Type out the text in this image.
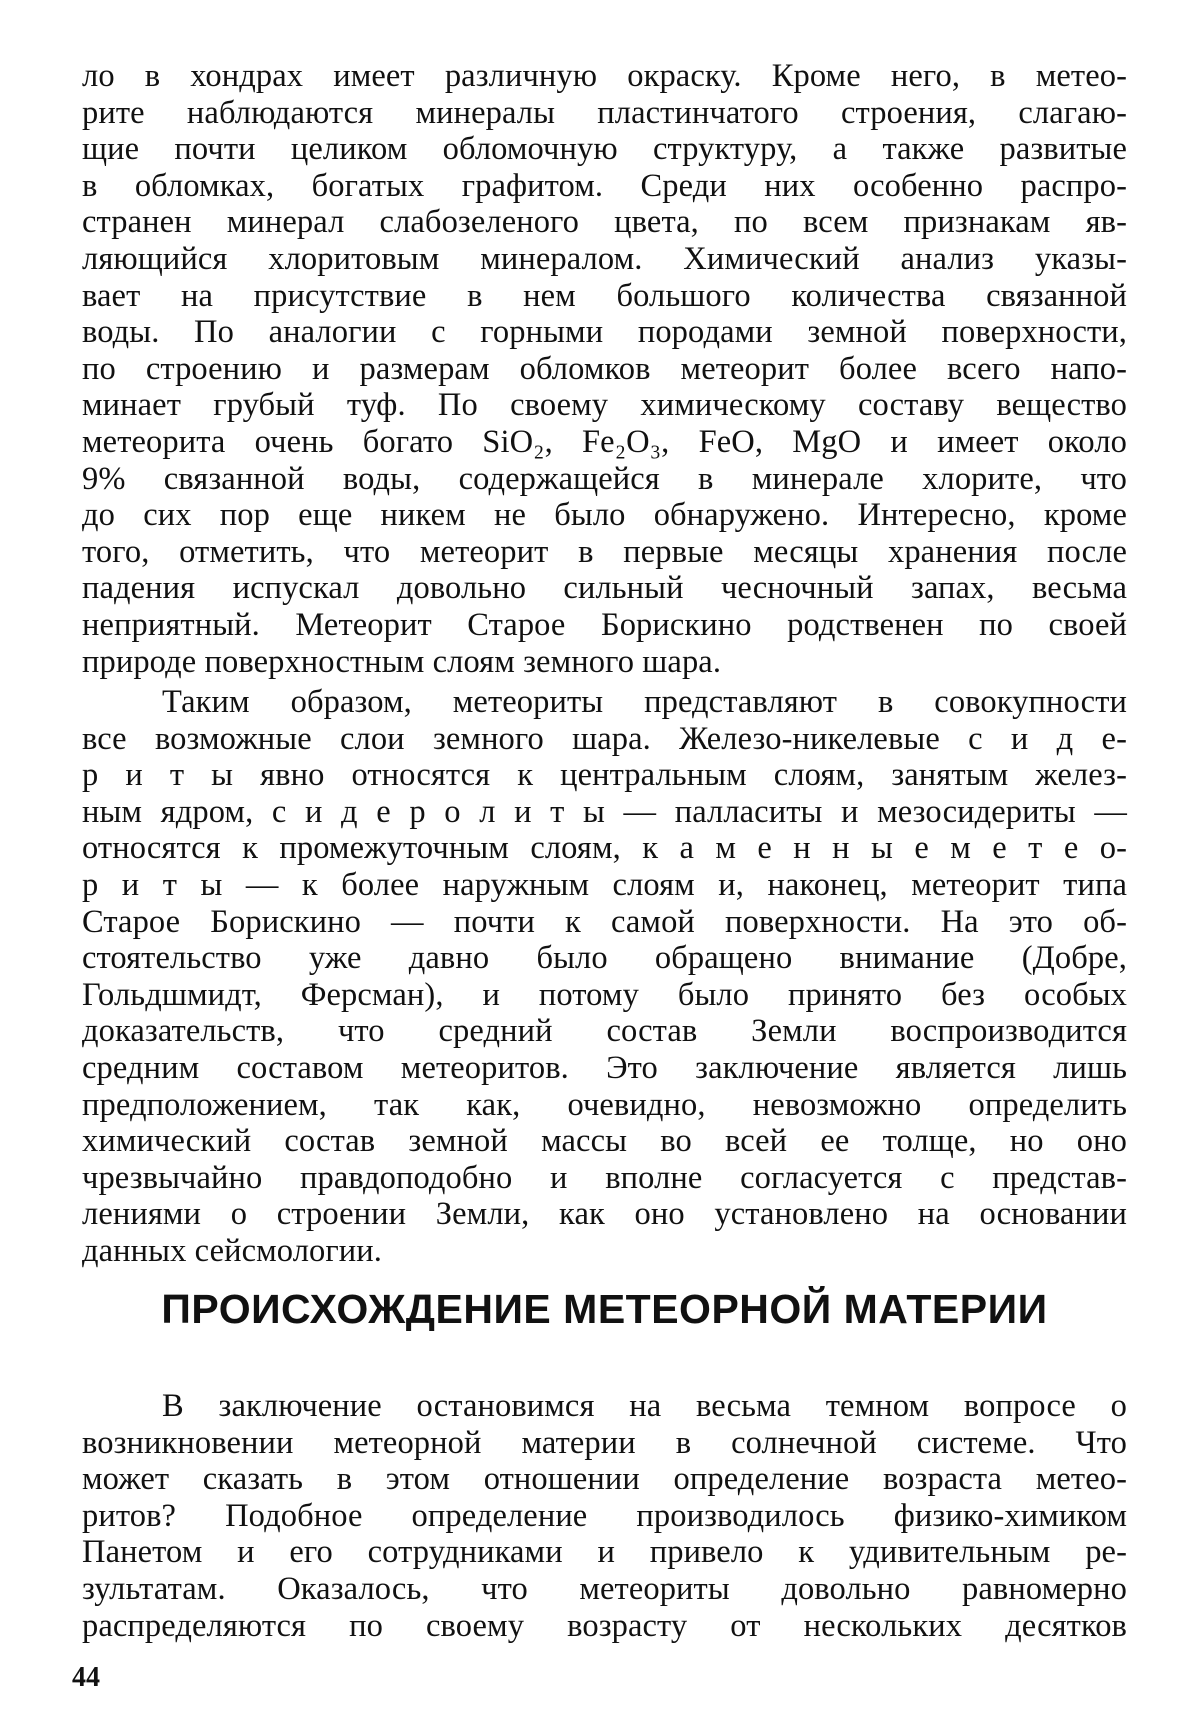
ло в хондрах имеет различную окраску. Кроме него, в метео-
рите наблюдаются минералы пластинчатого строения, слагаю-
щие почти целиком обломочную структуру, а также развитые
в обломках, богатых графитом. Среди них особенно распро-
странен минерал слабозеленого цвета, по всем признакам яв-
ляющийся хлоритовым минералом. Химический анализ указы-
вает на присутствие в нем большого количества связанной
воды. По аналогии с горными породами земной поверхности,
по строению и размерам обломков метеорит более всего напо-
минает грубый туф. По своему химическому составу вещество
метеорита очень богато SiO₂, Fe₂O₃, FeO, MgO и имеет около
9% связанной воды, содержащейся в минерале хлорите, что
до сих пор еще никем не было обнаружено. Интересно, кроме
того, отметить, что метеорит в первые месяцы хранения после
падения испускал довольно сильный чесночный запах, весьма
неприятный. Метеорит Старое Борискино родственен по своей
природе поверхностным слоям земного шара.
Таким образом, метеориты представляют в совокупности
все возможные слои земного шара. Железо-никелевые с и д е-
р и т ы явно относятся к центральным слоям, занятым желез-
ным ядром, с и д е р о л и т ы — палласиты и мезосидериты —
относятся к промежуточным слоям, к а м е н н ы е м е т е о-
р и т ы — к более наружным слоям и, наконец, метеорит типа
Старое Борискино — почти к самой поверхности. На это об-
стоятельство уже давно было обращено внимание (Добре,
Гольдшмидт, Ферсман), и потому было принято без особых
доказательств, что средний состав Земли воспроизводится
средним составом метеоритов. Это заключение является лишь
предположением, так как, очевидно, невозможно определить
химический состав земной массы во всей ее толще, но оно
чрезвычайно правдоподобно и вполне согласуется с представ-
лениями о строении Земли, как оно установлено на основании
данных сейсмологии.
ПРОИСХОЖДЕНИЕ МЕТЕОРНОЙ МАТЕРИИ
В заключение остановимся на весьма темном вопросе о
возникновении метеорной материи в солнечной системе. Что
может сказать в этом отношении определение возраста метео-
ритов? Подобное определение производилось физико-химиком
Панетом и его сотрудниками и привело к удивительным ре-
зультатам. Оказалось, что метеориты довольно равномерно
распределяются по своему возрасту от нескольких десятков
44
